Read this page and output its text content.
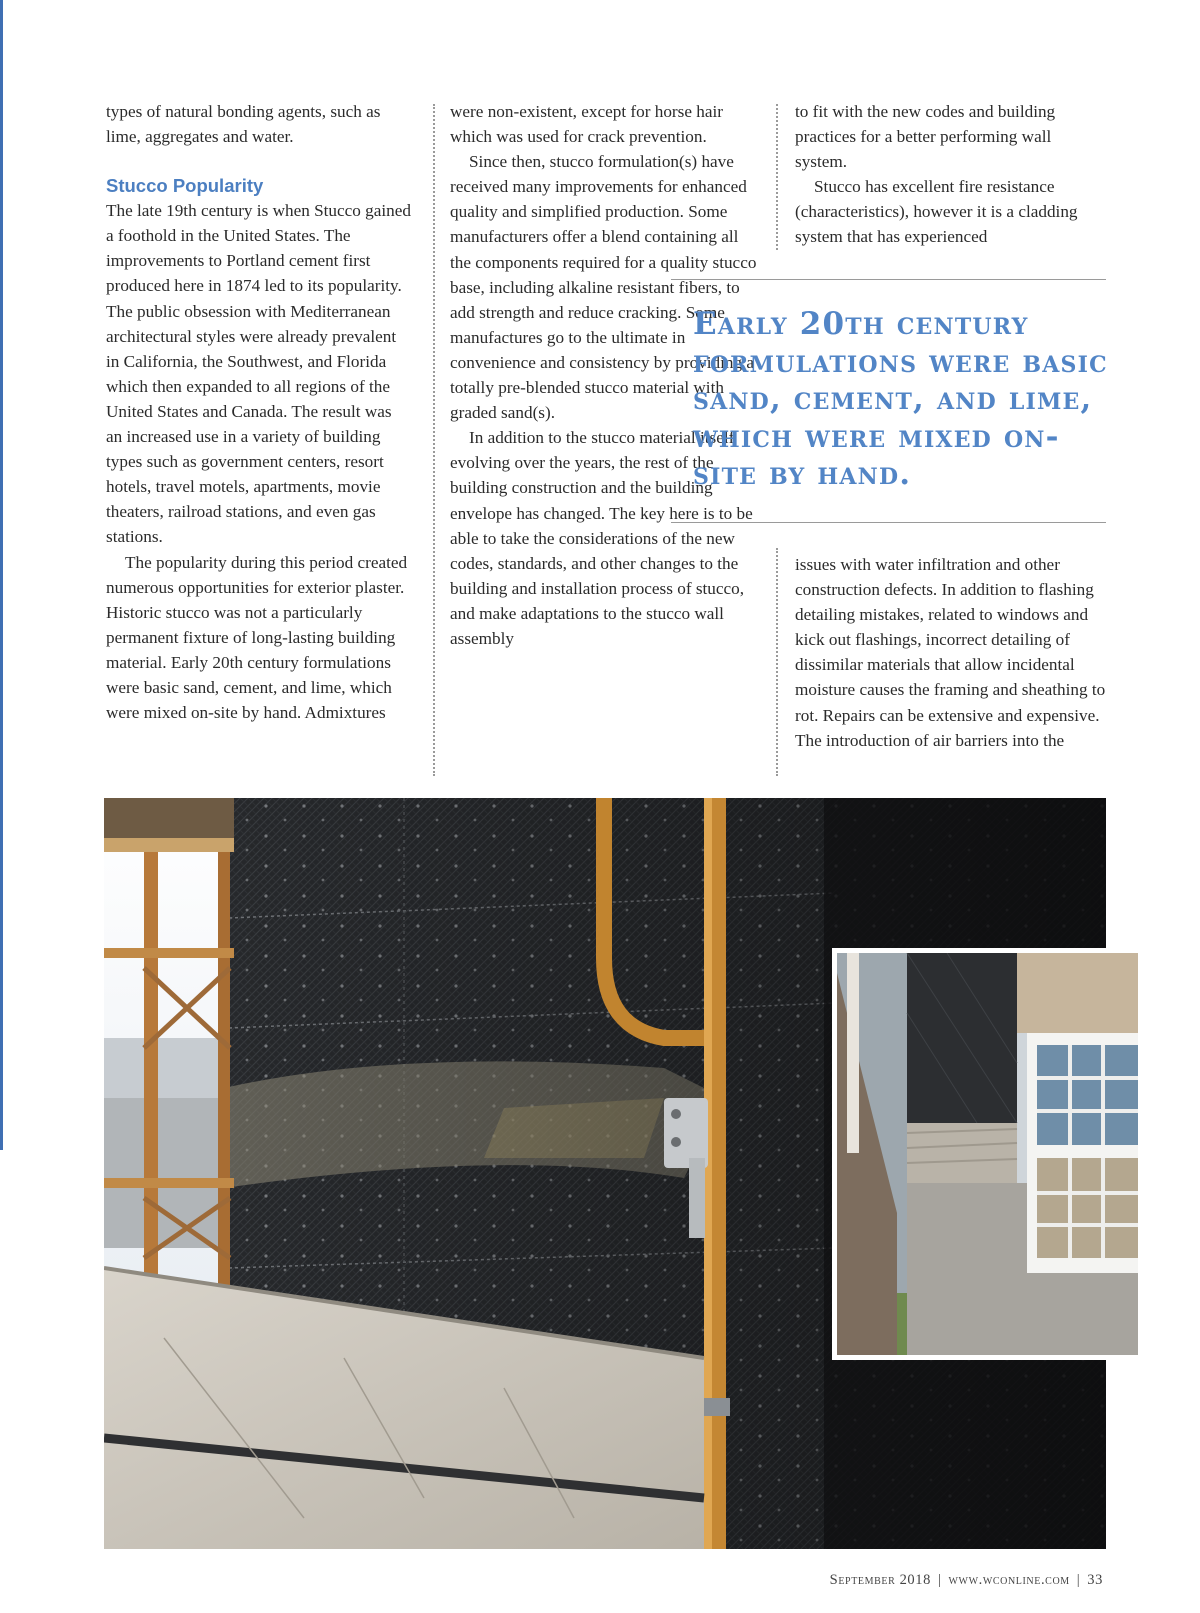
types of natural bonding agents, such as lime, aggregates and water.

Stucco Popularity

The late 19th century is when Stucco gained a foothold in the United States. The improvements to Portland cement first produced here in 1874 led to its popularity. The public obsession with Mediterranean architectural styles were already prevalent in California, the Southwest, and Florida which then expanded to all regions of the United States and Canada. The result was an increased use in a variety of building types such as government centers, resort hotels, travel motels, apartments, movie theaters, railroad stations, and even gas stations.

The popularity during this period created numerous opportunities for exterior plaster. Historic stucco was not a particularly permanent fixture of long-lasting building material. Early 20th century formulations were basic sand, cement, and lime, which were mixed on-site by hand. Admixtures

were non-existent, except for horse hair which was used for crack prevention.

Since then, stucco formulation(s) have received many improvements for enhanced quality and simplified production. Some manufacturers offer a blend containing all the components required for a quality stucco base, including alkaline resistant fibers, to add strength and reduce cracking. Some manufactures go to the ultimate in convenience and consistency by providing a totally pre-blended stucco material with graded sand(s).

In addition to the stucco material itself evolving over the years, the rest of the building construction and the building envelope has changed. The key here is to be able to take the considerations of the new codes, standards, and other changes to the building and installation process of stucco, and make adaptations to the stucco wall assembly

to fit with the new codes and building practices for a better performing wall system.

Stucco has excellent fire resistance (characteristics), however it is a cladding system that has experienced

Early 20th century formulations were basic sand, cement, and lime, which were mixed on-site by hand.

issues with water infiltration and other construction defects. In addition to flashing detailing mistakes, related to windows and kick out flashings, incorrect detailing of dissimilar materials that allow incidental moisture causes the framing and sheathing to rot. Repairs can be extensive and expensive. The introduction of air barriers into the

September 2018 | www.wconline.com | 33
